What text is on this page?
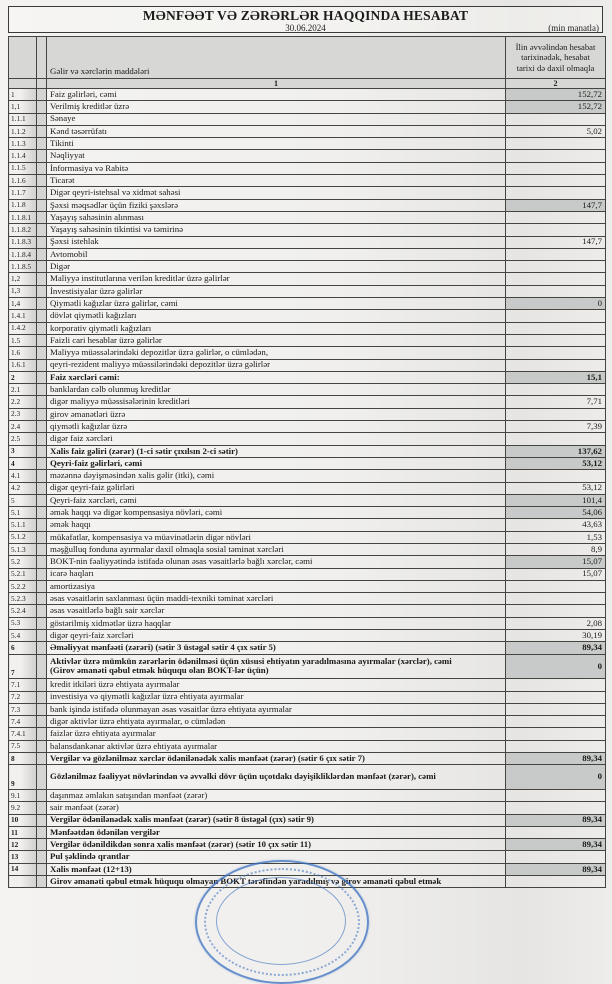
MƏNFƏƏT VƏ ZƏRƏRLƏR HAQQINDA HESABAT
30.06.2024	(min manatla)
		Gəlir və xərclərin maddələri	İlin əvvəlindən hesabat tarixinədək, hesabat tarixi də daxil olmaqla
		1	2
1		Faiz gəlirləri, cəmi	152,72
1,1		Verilmiş kreditlər üzrə	152,72
1.1.1		Sənaye	
1.1.2		Kənd təsərrüfatı	5,02
1.1.3		Tikinti	
1.1.4		Nəqliyyat	
1.1.5		İnformasiya və Rabitə	
1.1.6		Ticarət	
1.1.7		Digər qeyri-istehsal və xidmət sahəsi	
1.1.8		Şəxsi məqsədlər üçün fiziki şəxslərə	147,7
1.1.8.1		Yaşayış sahəsinin alınması	
1.1.8.2		Yaşayış sahəsinin tikintisi və təmirinə	
1.1.8.3		Şəxsi istehlak	147,7
1.1.8.4		Avtomobil	
1.1.8.5		Digər	
1,2		Maliyyə institutlarına verilən kreditlər üzrə gəlirlər	
1,3		İnvestisiyalar üzrə gəlirlər	
1,4		Qiymətli kağızlar üzrə gəlirlər, cəmi	0
1.4.1		dövlət qiymətli kağızları	
1.4.2		korporativ qiymətli kağızları	
1.5		Faizli cari hesablar üzrə gəlirlər	
1.6		Maliyyə müəssələrindəki depozitlər üzrə gəlirlər, o cümlədən,	
1.6.1		qeyri-rezident maliyyə müəssilərindəki depozitlər üzrə gəlirlər	
2		Faiz xərcləri cəmi:	15,1
2.1		banklardan cəlb olunmuş kreditlər	
2.2		digər maliyyə müəssisələrinin kreditləri	7,71
2.3		girov əmanətləri üzrə	
2.4		qiymətli kağızlar üzrə	7,39
2.5		digər faiz xərcləri	
3		Xalis faiz gəliri (zərər) (1-ci sətir çıxılsın 2-ci sətir)	137,62
4		Qeyri-faiz gəlirləri, cəmi	53,12
4.1		məzənnə dəyişməsindən xalis gəlir (itki), cəmi	
4.2		digər qeyri-faiz gəlirləri	53,12
5		Qeyri-faiz xərcləri, cəmi	101,4
5.1		əmək haqqı və digər kompensasiya növləri, cəmi	54,06
5.1.1		əmək haqqı	43,63
5.1.2		mükafatlar, kompensasiya və müavinətlərin digər növləri	1,53
5.1.3		məşğulluq fonduna ayırmalar daxil olmaqla sosial təminat xərcləri	8,9
5.2		BOKT-nin fəaliyyətində istifadə olunan əsas vəsaitlərlə bağlı xərclər, cəmi	15,07
5.2.1		icarə haqları	15,07
5.2.2		amortizasiya	
5.2.3		əsas vəsaitlərin saxlanması üçün maddi-texniki təminat xərcləri	
5.2.4		əsas vəsaitlərlə bağlı sair xərclər	
5.3		göstərilmiş xidmətlər üzrə haqqlar	2,08
5.4		digər qeyri-faiz xərcləri	30,19
6		Əməliyyat mənfəəti (zərəri) (sətir 3 üstəgəl sətir 4 çıx sətir 5)	89,34
7		Aktivlər üzrə mümkün zərərlərin ödənilməsi üçün xüsusi ehtiyatın yaradılmasına ayırmalar (xərclər), cəmi
(Girov əmanəti qəbul etmək hüququ olan BOKT-lər üçün)	0
7.1		kredit itkiləri üzrə ehtiyata ayırmalar	
7.2		investisiya və qiymətli kağızlar üzrə ehtiyata ayırmalar	
7.3		bank işində istifadə olunmayan əsas vəsaitlər üzrə ehtiyata ayırmalar	
7.4		digər aktivlər üzrə ehtiyata ayırmalar, o cümlədən	
7.4.1		faizlər üzrə ehtiyata ayırmalar	
7.5		balansdankənar aktivlər üzrə ehtiyata ayırmalar	
8		Vergilər və gözlənilməz xərclər ödənilənədək xalis mənfəət (zərər) (sətir 6 çıx sətir 7)	89,34
9		Gözlənilməz fəaliyyət növlərindən və əvvəlki dövr üçün uçotdakı dəyişikliklərdən mənfəət (zərər), cəmi	0
9.1		daşınmaz əmlakın satışından mənfəət (zərər)	
9.2		sair mənfəət (zərər)	
10		Vergilər ödənilənədək xalis mənfəət (zərər) (sətir 8 üstəgəl (çıx) sətir 9)	89,34
11		Mənfəətdən ödənilən vergilər	
12		Vergilər ödənildikdən sonra xalis mənfəət (zərər) (sətir 10 çıx sətir 11)	89,34
13		Pul şəklində qrantlar	
14		Xalis mənfəət (12+13)	89,34
		Girov əmanəti qəbul etmək hüququ olmayan BOKT tərəfindən yaradılmış və girov əmanəti qəbul etmək	
